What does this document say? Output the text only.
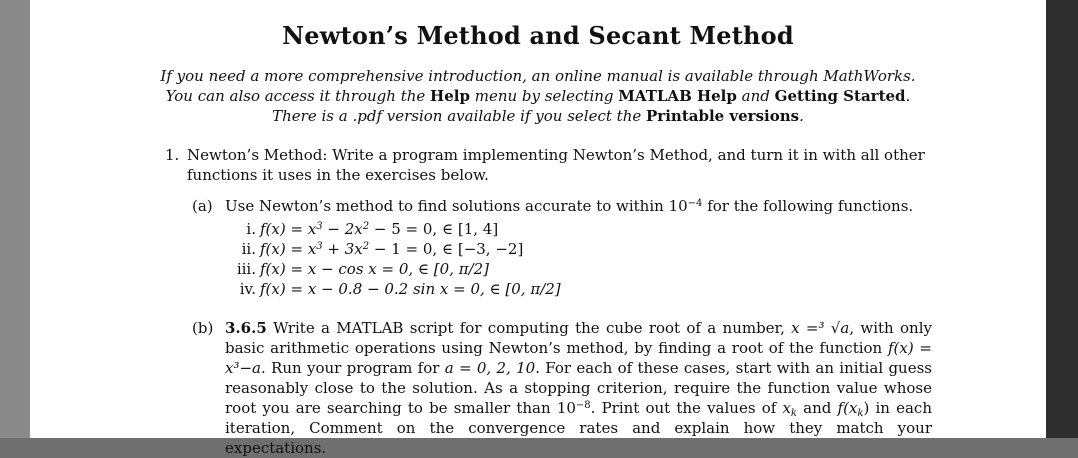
Newton’s Method and Secant Method
If you need a more comprehensive introduction, an online manual is available through MathWorks. You can also access it through the Help menu by selecting MATLAB Help and Getting Started. There is a .pdf version available if you select the Printable versions.
1. Newton’s Method: Write a program implementing Newton’s Method, and turn it in with all other functions it uses in the exercises below.
(a) Use Newton’s method to find solutions accurate to within $10^{-4}$ for the following functions.
i. $f(x) = x^3 - 2x^2 - 5 = 0$, ∈ [1, 4]
ii. $f(x) = x^3 + 3x^2 - 1 = 0$, ∈ [−3, −2]
iii. f(x) = x − cos x = 0, ∈ [0, π/2]
iv. f(x) = x − 0.8 − 0.2 sin x = 0, ∈ [0, π/2]
(b) 3.6.5 Write a MATLAB script for computing the cube root of a number, x =³ √a, with only basic arithmetic operations using Newton’s method, by finding a root of the function f(x) = x³−a. Run your program for a = 0, 2, 10. For each of these cases, start with an initial guess reasonably close to the solution. As a stopping criterion, require the function value whose root you are searching to be smaller than $10^{-8}$. Print out the values of $x_k$ and $f(x_k)$ in each iteration, Comment on the convergence rates and explain how they match your expectations.
